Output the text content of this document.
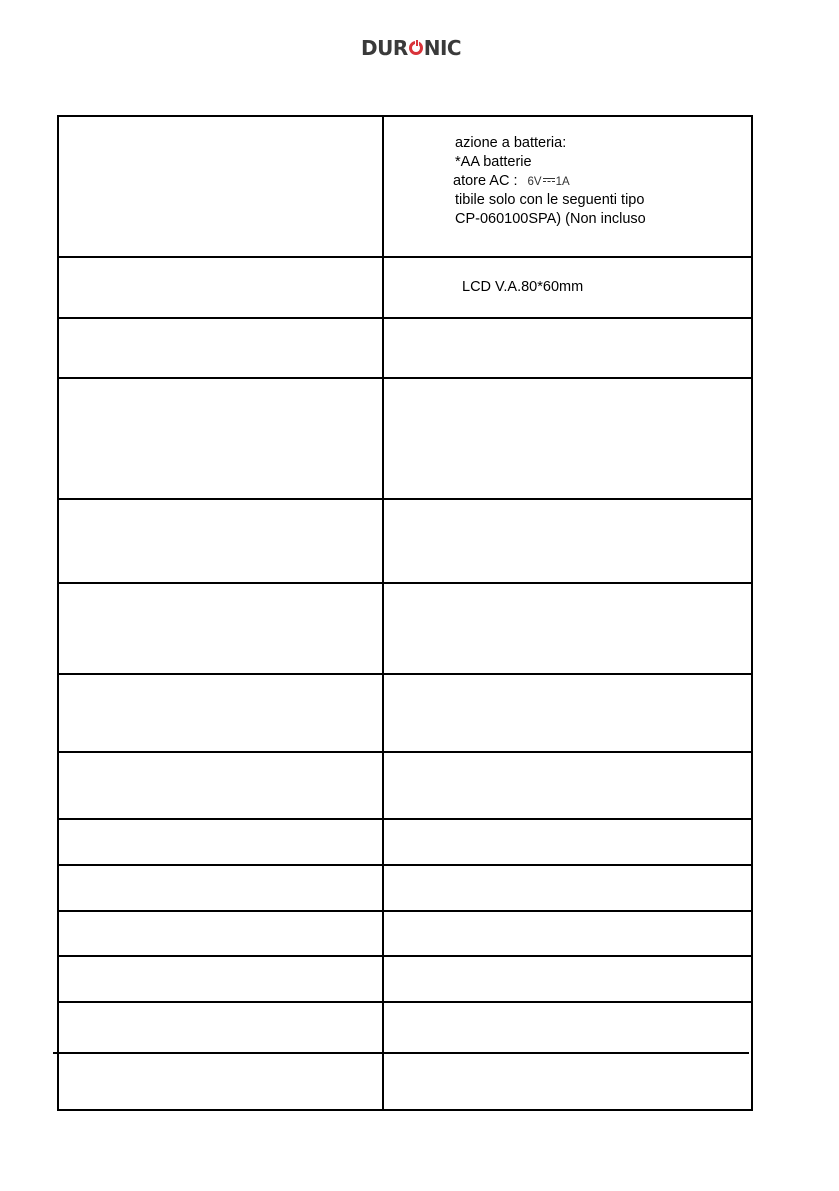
DUR NIC
azione a batteria:
*AA batterie
atore AC : 6V 1A
tibile solo con le seguenti tipo
CP-060100SPA) (Non incluso
LCD V.A.80*60mm
